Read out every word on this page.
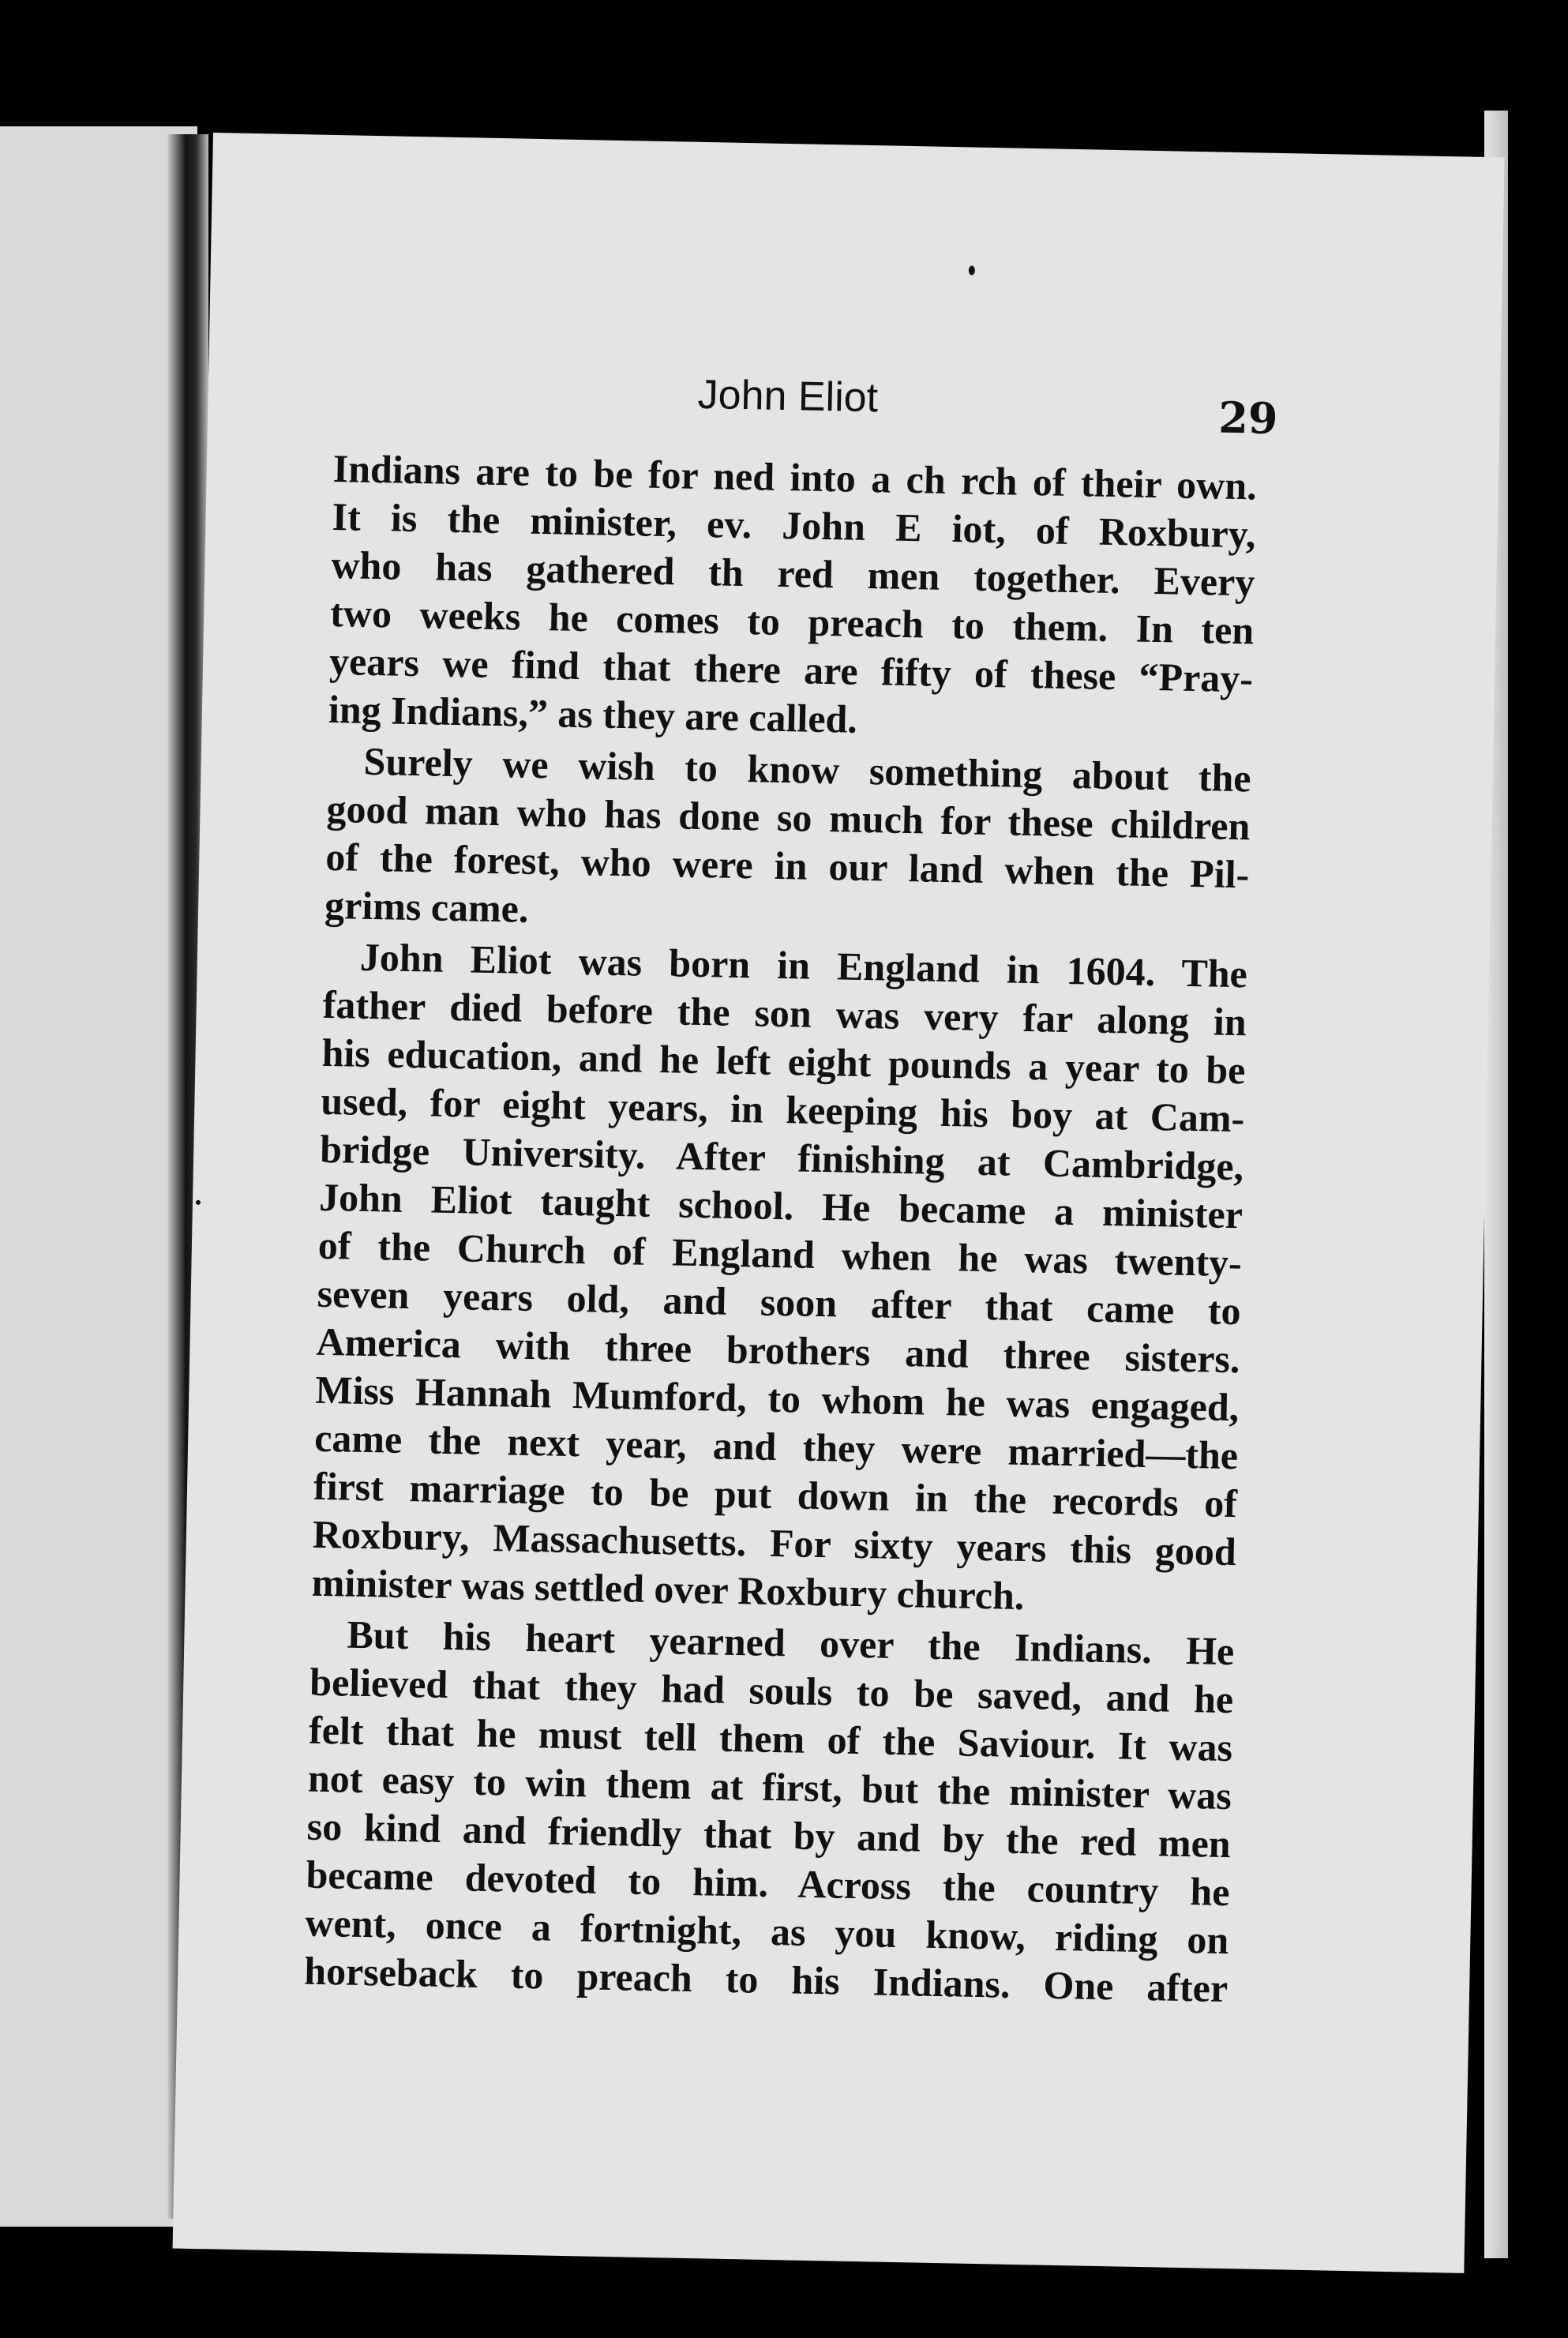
John Eliot	29
Indians are to be for ned into a ch rch of their own.
It is the minister, ev. John E iot, of Roxbury,
who has gathered th red men together. Every
two weeks he comes to preach to them. In ten
years we find that there are fifty of these “Pray-
ing Indians,” as they are called.
Surely we wish to know something about the
good man who has done so much for these children
of the forest, who were in our land when the Pil-
grims came.
John Eliot was born in England in 1604. The
father died before the son was very far along in
his education, and he left eight pounds a year to be
used, for eight years, in keeping his boy at Cam-
bridge University. After finishing at Cambridge,
John Eliot taught school. He became a minister
of the Church of England when he was twenty-
seven years old, and soon after that came to
America with three brothers and three sisters.
Miss Hannah Mumford, to whom he was engaged,
came the next year, and they were married—the
first marriage to be put down in the records of
Roxbury, Massachusetts. For sixty years this good
minister was settled over Roxbury church.
But his heart yearned over the Indians. He
believed that they had souls to be saved, and he
felt that he must tell them of the Saviour. It was
not easy to win them at first, but the minister was
so kind and friendly that by and by the red men
became devoted to him. Across the country he
went, once a fortnight, as you know, riding on
horseback to preach to his Indians. One after
